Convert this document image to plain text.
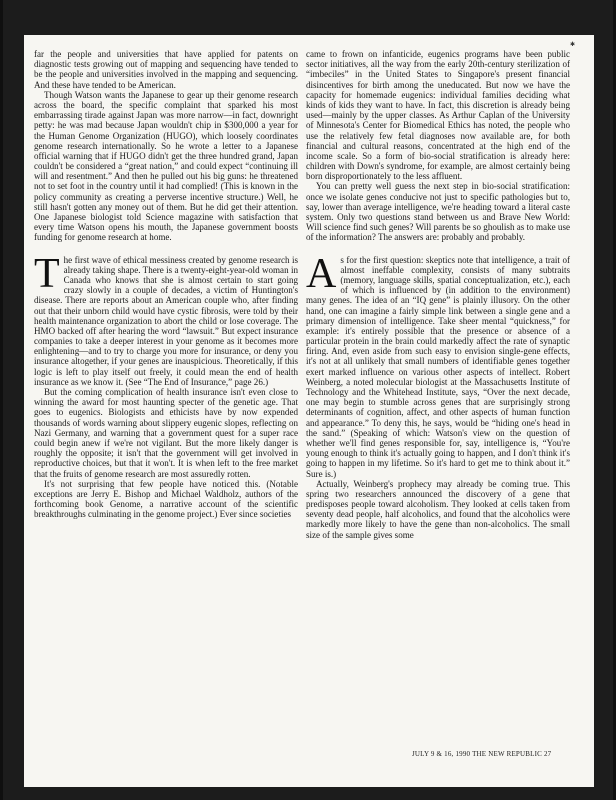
✱

far the people and universities that have applied for patents on diagnostic tests growing out of mapping and sequencing have tended to be the people and universities involved in the mapping and sequencing. And these have tended to be American.

Though Watson wants the Japanese to gear up their genome research across the board, the specific complaint that sparked his most embarrassing tirade against Japan was more narrow—in fact, downright petty: he was mad because Japan wouldn't chip in $300,000 a year for the Human Genome Organization (HUGO), which loosely coordinates genome research internationally. So he wrote a letter to a Japanese official warning that if HUGO didn't get the three hundred grand, Japan couldn't be considered a “great nation,” and could expect “continuing ill will and resentment.” And then he pulled out his big guns: he threatened not to set foot in the country until it had complied! (This is known in the policy community as creating a perverse incentive structure.) Well, he still hasn't gotten any money out of them. But he did get their attention. One Japanese biologist told Science magazine with satisfaction that every time Watson opens his mouth, the Japanese government boosts funding for genome research at home.

The first wave of ethical messiness created by genome research is already taking shape. There is a twenty-eight-year-old woman in Canada who knows that she is almost certain to start going crazy slowly in a couple of decades, a victim of Huntington's disease. There are reports about an American couple who, after finding out that their unborn child would have cystic fibrosis, were told by their health maintenance organization to abort the child or lose coverage. The HMO backed off after hearing the word “lawsuit.” But expect insurance companies to take a deeper interest in your genome as it becomes more enlightening—and to try to charge you more for insurance, or deny you insurance altogether, if your genes are inauspicious. Theoretically, if this logic is left to play itself out freely, it could mean the end of health insurance as we know it. (See “The End of Insurance,” page 26.)

But the coming complication of health insurance isn't even close to winning the award for most haunting specter of the genetic age. That goes to eugenics. Biologists and ethicists have by now expended thousands of words warning about slippery eugenic slopes, reflecting on Nazi Germany, and warning that a government quest for a super race could begin anew if we're not vigilant. But the more likely danger is roughly the opposite; it isn't that the government will get involved in reproductive choices, but that it won't. It is when left to the free market that the fruits of genome research are most assuredly rotten.

It's not surprising that few people have noticed this. (Notable exceptions are Jerry E. Bishop and Michael Waldholz, authors of the forthcoming book Genome, a narrative account of the scientific breakthroughs culminating in the genome project.) Ever since societies

came to frown on infanticide, eugenics programs have been public sector initiatives, all the way from the early 20th-century sterilization of “imbeciles” in the United States to Singapore's present financial disincentives for birth among the uneducated. But now we have the capacity for homemade eugenics: individual families deciding what kinds of kids they want to have. In fact, this discretion is already being used—mainly by the upper classes. As Arthur Caplan of the University of Minnesota's Center for Biomedical Ethics has noted, the people who use the relatively few fetal diagnoses now available are, for both financial and cultural reasons, concentrated at the high end of the income scale. So a form of bio-social stratification is already here: children with Down's syndrome, for example, are almost certainly being born disproportionately to the less affluent.

You can pretty well guess the next step in bio-social stratification: once we isolate genes conducive not just to specific pathologies but to, say, lower than average intelligence, we're heading toward a literal caste system. Only two questions stand between us and Brave New World: Will science find such genes? Will parents be so ghoulish as to make use of the information? The answers are: probably and probably.

As for the first question: skeptics note that intelligence, a trait of almost ineffable complexity, consists of many subtraits (memory, language skills, spatial conceptualization, etc.), each of which is influenced by (in addition to the environment) many genes. The idea of an “IQ gene” is plainly illusory. On the other hand, one can imagine a fairly simple link between a single gene and a primary dimension of intelligence. Take sheer mental “quickness,” for example: it's entirely possible that the presence or absence of a particular protein in the brain could markedly affect the rate of synaptic firing. And, even aside from such easy to envision single-gene effects, it's not at all unlikely that small numbers of identifiable genes together exert marked influence on various other aspects of intellect. Robert Weinberg, a noted molecular biologist at the Massachusetts Institute of Technology and the Whitehead Institute, says, “Over the next decade, one may begin to stumble across genes that are surprisingly strong determinants of cognition, affect, and other aspects of human function and appearance.” To deny this, he says, would be “hiding one's head in the sand.” (Speaking of which: Watson's view on the question of whether we'll find genes responsible for, say, intelligence is, “You're young enough to think it's actually going to happen, and I don't think it's going to happen in my lifetime. So it's hard to get me to think about it.” Sure is.)

Actually, Weinberg's prophecy may already be coming true. This spring two researchers announced the discovery of a gene that predisposes people toward alcoholism. They looked at cells taken from seventy dead people, half alcoholics, and found that the alcoholics were markedly more likely to have the gene than non-alcoholics. The small size of the sample gives some

JULY 9 & 16, 1990 THE NEW REPUBLIC 27
